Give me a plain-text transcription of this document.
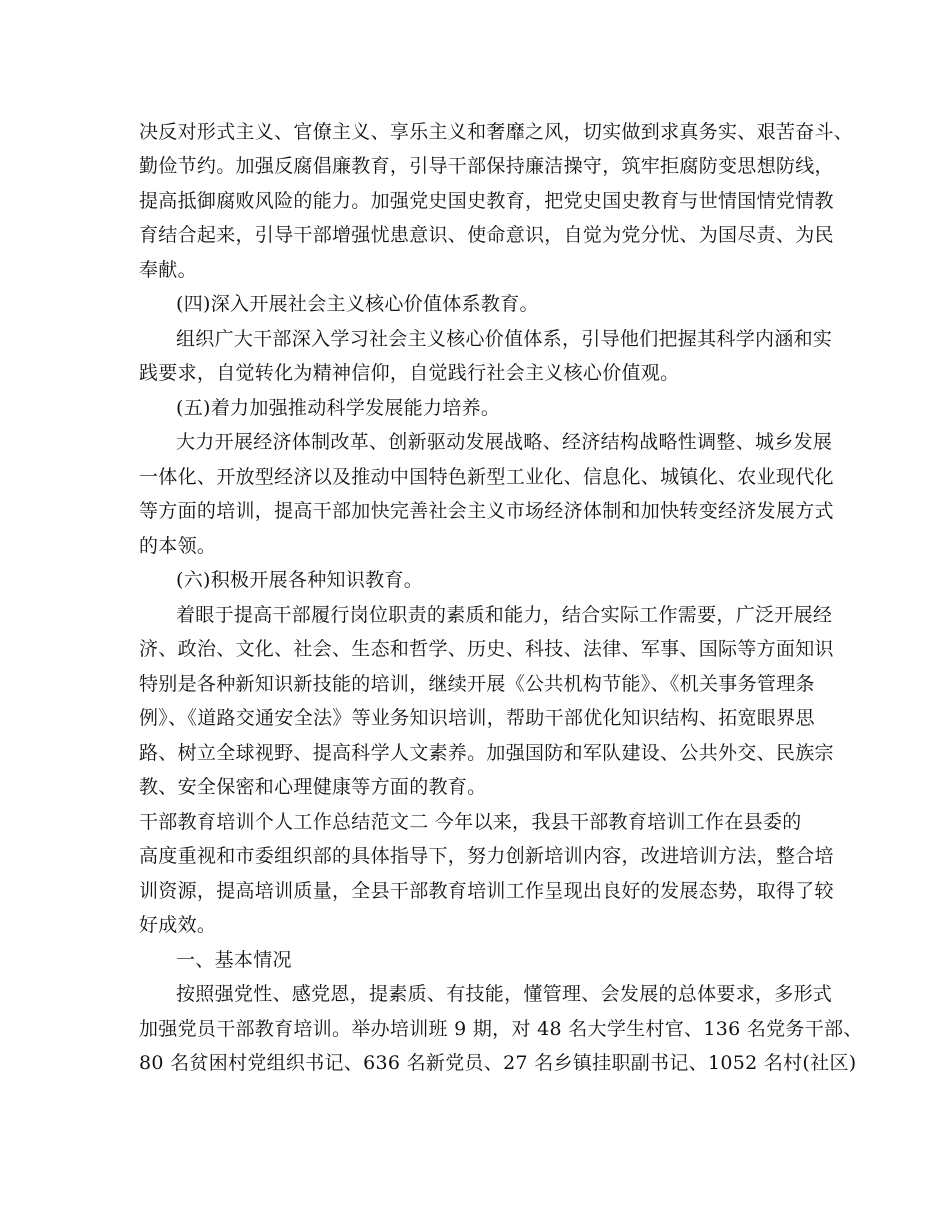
决反对形式主义、官僚主义、享乐主义和奢靡之风，切实做到求真务实、艰苦奋斗、
勤俭节约。加强反腐倡廉教育，引导干部保持廉洁操守，筑牢拒腐防变思想防线，
提高抵御腐败风险的能力。加强党史国史教育，把党史国史教育与世情国情党情教
育结合起来，引导干部增强忧患意识、使命意识，自觉为党分忧、为国尽责、为民
奉献。
(四)深入开展社会主义核心价值体系教育。
组织广大干部深入学习社会主义核心价值体系，引导他们把握其科学内涵和实
践要求，自觉转化为精神信仰，自觉践行社会主义核心价值观。
(五)着力加强推动科学发展能力培养。
大力开展经济体制改革、创新驱动发展战略、经济结构战略性调整、城乡发展
一体化、开放型经济以及推动中国特色新型工业化、信息化、城镇化、农业现代化
等方面的培训，提高干部加快完善社会主义市场经济体制和加快转变经济发展方式
的本领。
(六)积极开展各种知识教育。
着眼于提高干部履行岗位职责的素质和能力，结合实际工作需要，广泛开展经
济、政治、文化、社会、生态和哲学、历史、科技、法律、军事、国际等方面知识
特别是各种新知识新技能的培训，继续开展《公共机构节能》、《机关事务管理条
例》、《道路交通安全法》等业务知识培训，帮助干部优化知识结构、拓宽眼界思
路、树立全球视野、提高科学人文素养。加强国防和军队建设、公共外交、民族宗
教、安全保密和心理健康等方面的教育。
干部教育培训个人工作总结范文二 今年以来，我县干部教育培训工作在县委的
高度重视和市委组织部的具体指导下，努力创新培训内容，改进培训方法，整合培
训资源，提高培训质量，全县干部教育培训工作呈现出良好的发展态势，取得了较
好成效。
一、基本情况
按照强党性、感党恩，提素质、有技能，懂管理、会发展的总体要求，多形式
加强党员干部教育培训。举办培训班 9 期，对 48 名大学生村官、136 名党务干部、
80 名贫困村党组织书记、636 名新党员、27 名乡镇挂职副书记、1052 名村(社区)
